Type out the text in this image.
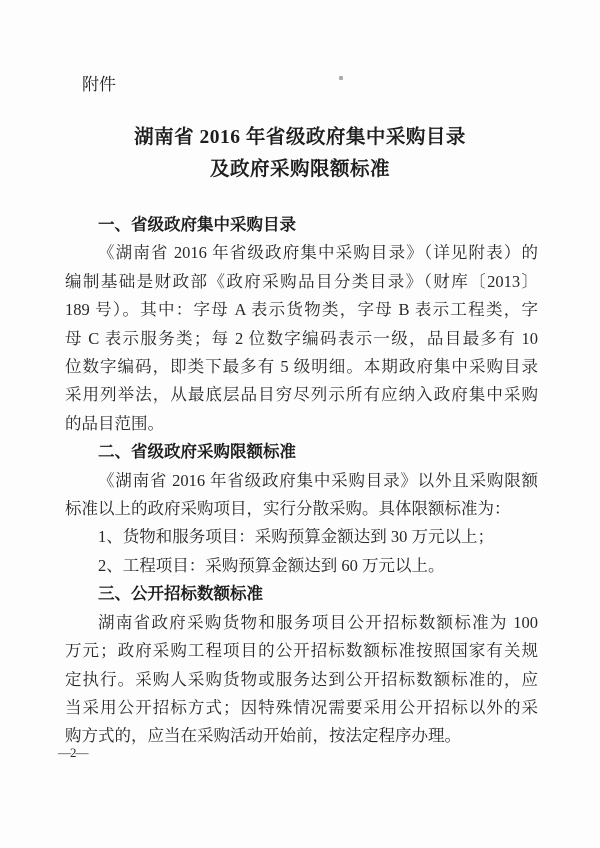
附件
湖南省 2016 年省级政府集中采购目录
及政府采购限额标准
一、省级政府集中采购目录
《湖南省 2016 年省级政府集中采购目录》（详见附表）的
编制基础是财政部《政府采购品目分类目录》（财库〔2013〕
189 号）。其中：字母 A 表示货物类，字母 B 表示工程类，字
母 C 表示服务类；每 2 位数字编码表示一级，品目最多有 10
位数字编码，即类下最多有 5 级明细。本期政府集中采购目录
采用列举法，从最底层品目穷尽列示所有应纳入政府集中采购
的品目范围。
二、省级政府采购限额标准
《湖南省 2016 年省级政府集中采购目录》以外且采购限额
标准以上的政府采购项目，实行分散采购。具体限额标准为：
1、货物和服务项目：采购预算金额达到 30 万元以上；
2、工程项目：采购预算金额达到 60 万元以上。
三、公开招标数额标准
湖南省政府采购货物和服务项目公开招标数额标准为 100
万元；政府采购工程项目的公开招标数额标准按照国家有关规
定执行。采购人采购货物或服务达到公开招标数额标准的，应
当采用公开招标方式；因特殊情况需要采用公开招标以外的采
购方式的，应当在采购活动开始前，按法定程序办理。
—2—
